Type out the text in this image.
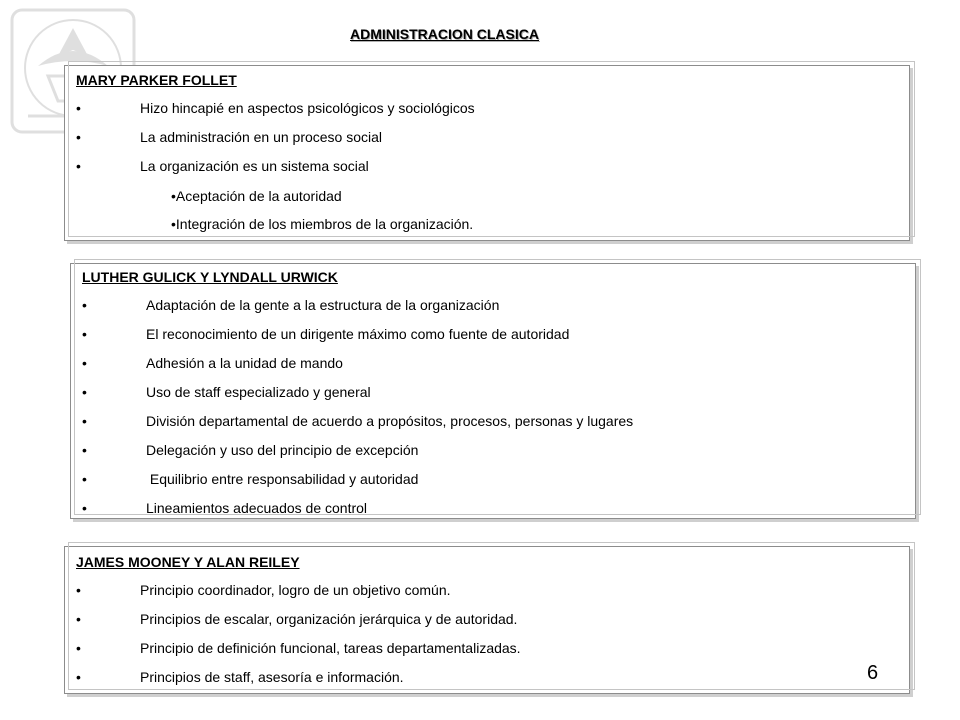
ADMINISTRACION CLASICA
MARY PARKER FOLLET
•	Hizo hincapié en aspectos psicológicos y sociológicos
•	La administración en un proceso social
•	La organización es un sistema social
•Aceptación de la autoridad
•Integración de los miembros de la organización.
LUTHER GULICK Y LYNDALL URWICK
•	Adaptación de la gente a la estructura de la organización
•	El reconocimiento de un dirigente máximo como fuente de autoridad
•	Adhesión a la unidad de mando
•	Uso de staff especializado y general
•	División departamental de acuerdo a propósitos, procesos, personas y lugares
•	Delegación y uso del principio de excepción
•	Equilibrio entre responsabilidad y autoridad
•	Lineamientos adecuados de control
JAMES MOONEY Y ALAN REILEY
•	Principio coordinador, logro de un objetivo común.
•	Principios de escalar, organización jerárquica y de autoridad.
•	Principio de definición funcional, tareas departamentalizadas.
•	Principios de staff, asesoría e información.	6
